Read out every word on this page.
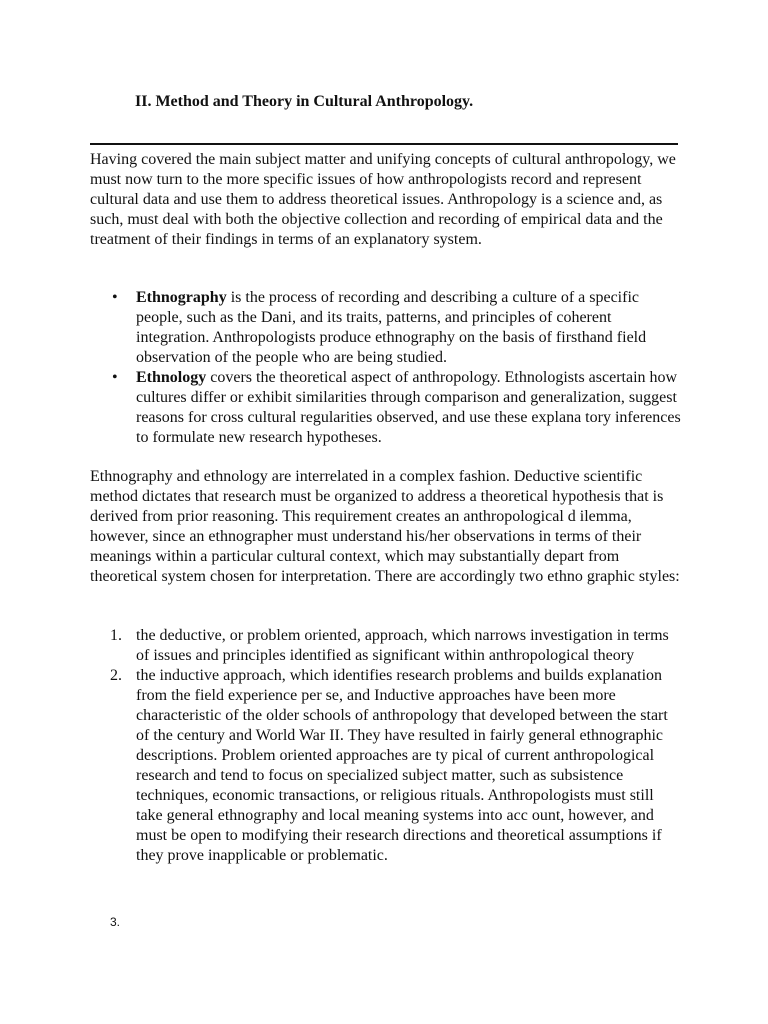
II. Method and Theory in Cultural Anthropology.

Having covered the main subject matter and unifying concepts of cultural anthropology, we must now turn to the more specific issues of how anthropologists record and represent cultural data and use them to address theoretical issues. Anthropology is a science and, as such, must deal with both the objective collection and recording of empirical data and the treatment of their findings in terms of an explanatory system.

• Ethnography is the process of recording and describing a culture of a specific people, such as the Dani, and its traits, patterns, and principles of coherent integration. Anthropologists produce ethnography on the basis of firsthand field observation of the people who are being studied.
• Ethnology covers the theoretical aspect of anthropology. Ethnologists ascertain how cultures differ or exhibit similarities through comparison and generalization, suggest reasons for cross cultural regularities observed, and use these explana tory inferences to formulate new research hypotheses.

Ethnography and ethnology are interrelated in a complex fashion. Deductive scientific method dictates that research must be organized to address a theoretical hypothesis that is derived from prior reasoning. This requirement creates an anthropological d ilemma, however, since an ethnographer must understand his/her observations in terms of their meanings within a particular cultural context, which may substantially depart from theoretical system chosen for interpretation. There are accordingly two ethno graphic styles:

1. the deductive, or problem oriented, approach, which narrows investigation in terms of issues and principles identified as significant within anthropological theory
2. the inductive approach, which identifies research problems and builds explanation from the field experience per se, and Inductive approaches have been more characteristic of the older schools of anthropology that developed between the start of the century and World War II. They have resulted in fairly general ethnographic descriptions. Problem oriented approaches are ty pical of current anthropological research and tend to focus on specialized subject matter, such as subsistence techniques, economic transactions, or religious rituals. Anthropologists must still take general ethnography and local meaning systems into acc ount, however, and must be open to modifying their research directions and theoretical assumptions if they prove inapplicable or problematic.
3.
